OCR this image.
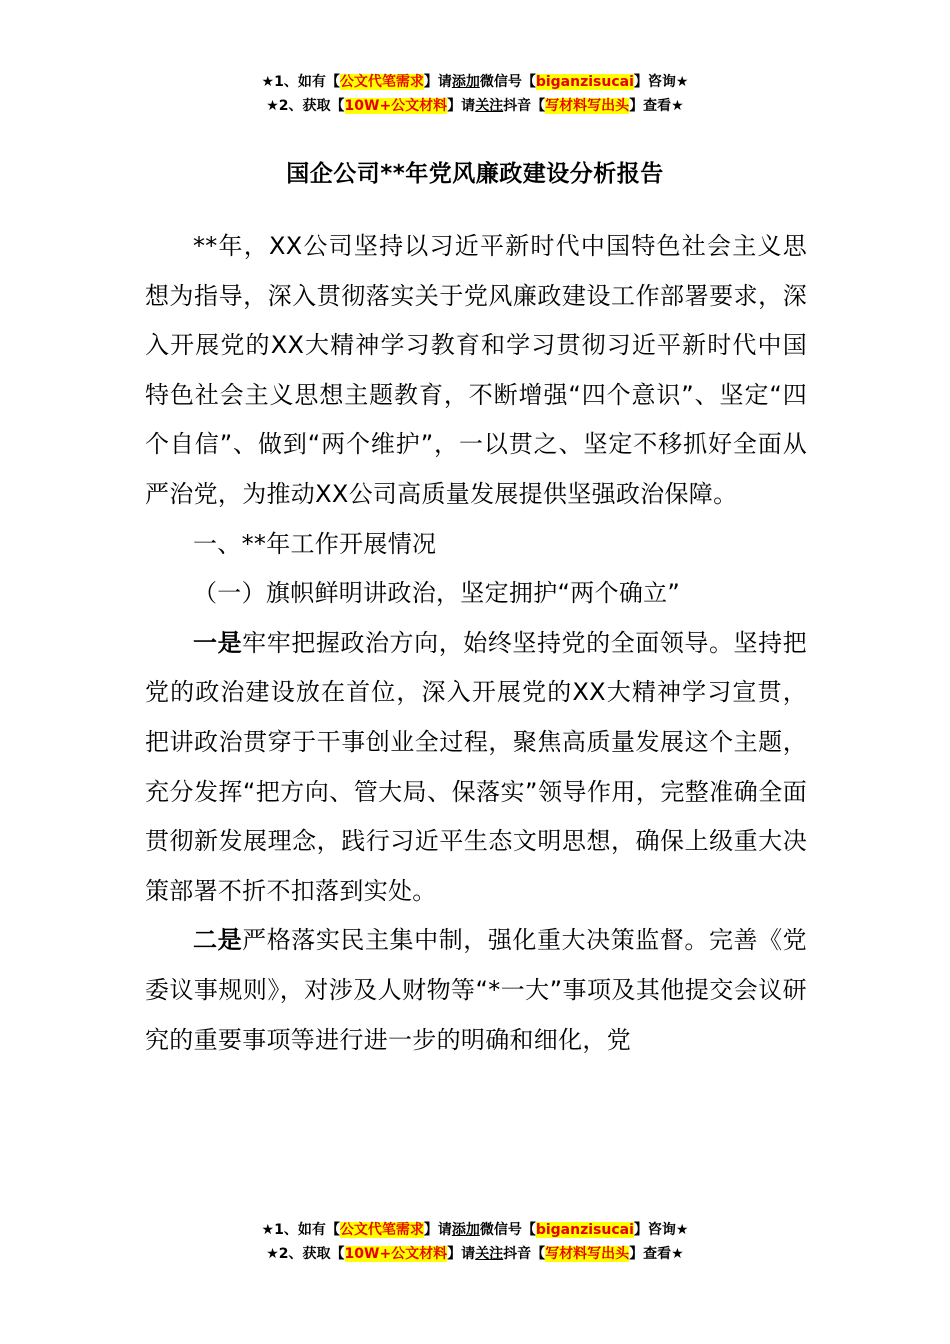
★1、如有【公文代笔需求】请添加微信号【biganzisucai】咨询★
★2、获取【10W+公文材料】请关注抖音【写材料写出头】查看★
国企公司**年党风廉政建设分析报告

**年，XX公司坚持以习近平新时代中国特色社会主义思想为指导，深入贯彻落实关于党风廉政建设工作部署要求，深入开展党的XX大精神学习教育和学习贯彻习近平新时代中国特色社会主义思想主题教育，不断增强“四个意识”、坚定“四个自信”、做到“两个维护”，一以贯之、坚定不移抓好全面从严治党，为推动XX公司高质量发展提供坚强政治保障。

一、**年工作开展情况

（一）旗帜鲜明讲政治，坚定拥护“两个确立”

一是牢牢把握政治方向，始终坚持党的全面领导。坚持把党的政治建设放在首位，深入开展党的XX大精神学习宣贯，把讲政治贯穿于干事创业全过程，聚焦高质量发展这个主题，充分发挥“把方向、管大局、保落实”领导作用，完整准确全面贯彻新发展理念，践行习近平生态文明思想，确保上级重大决策部署不折不扣落到实处。

二是严格落实民主集中制，强化重大决策监督。完善《党委议事规则》，对涉及人财物等“*一大”事项及其他提交会议研究的重要事项等进行进一步的明确和细化，党

★1、如有【公文代笔需求】请添加微信号【biganzisucai】咨询★
★2、获取【10W+公文材料】请关注抖音【写材料写出头】查看★
